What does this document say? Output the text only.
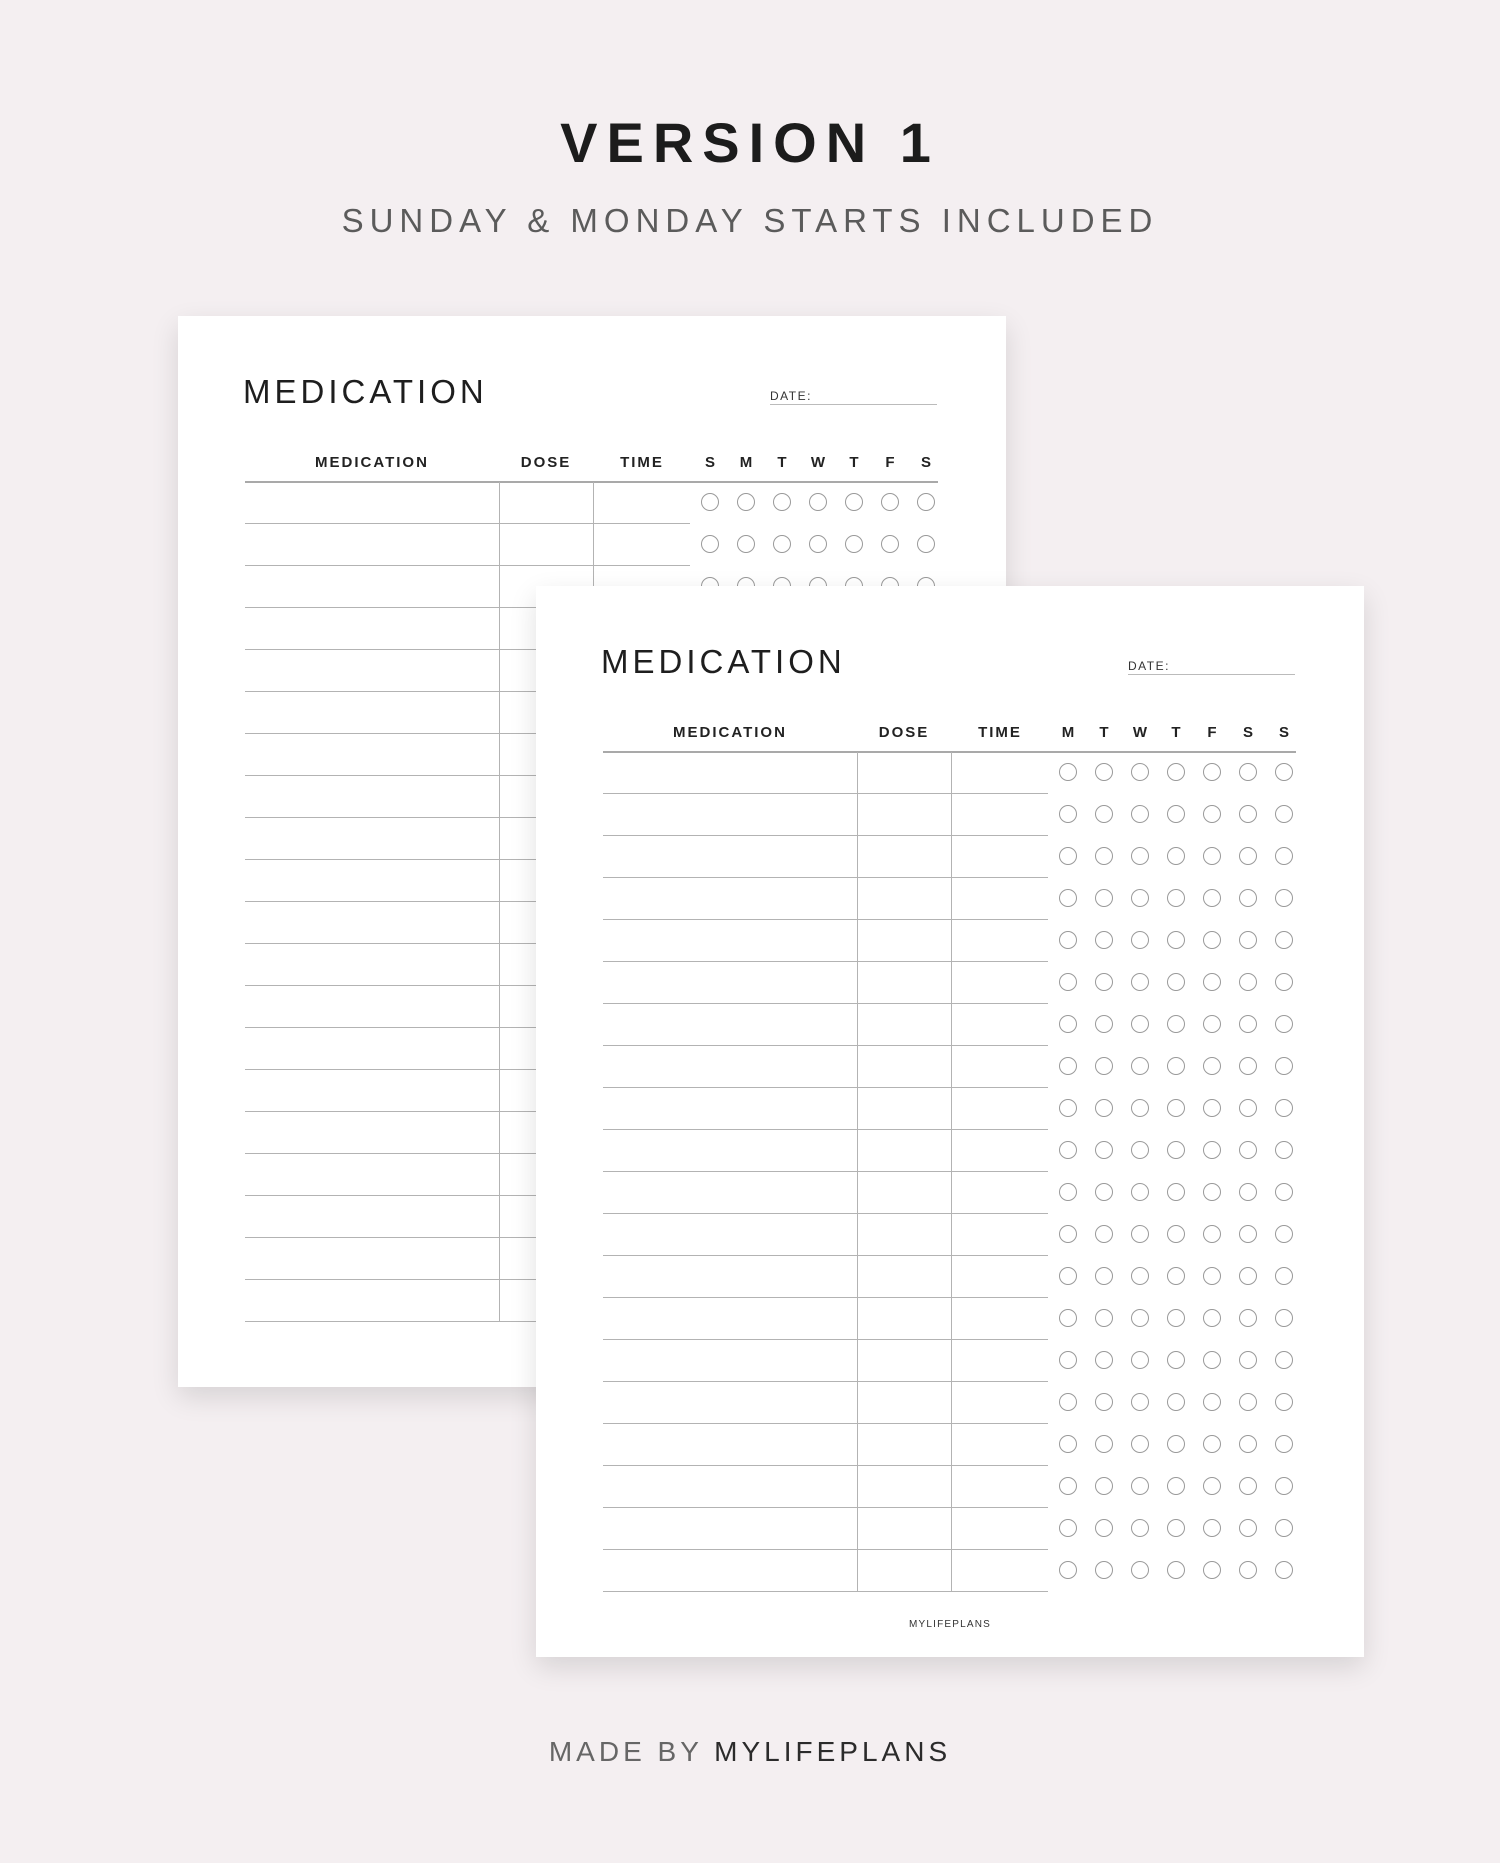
VERSION 1

SUNDAY & MONDAY STARTS INCLUDED

MEDICATION	DATE:
MEDICATION	DOSE	TIME	S	M	T	W	T	F	S
MEDICATION	DATE:
MEDICATION	DOSE	TIME	M	T	W	T	F	S	S
MYLIFEPLANS
MADE BY MYLIFEPLANS
